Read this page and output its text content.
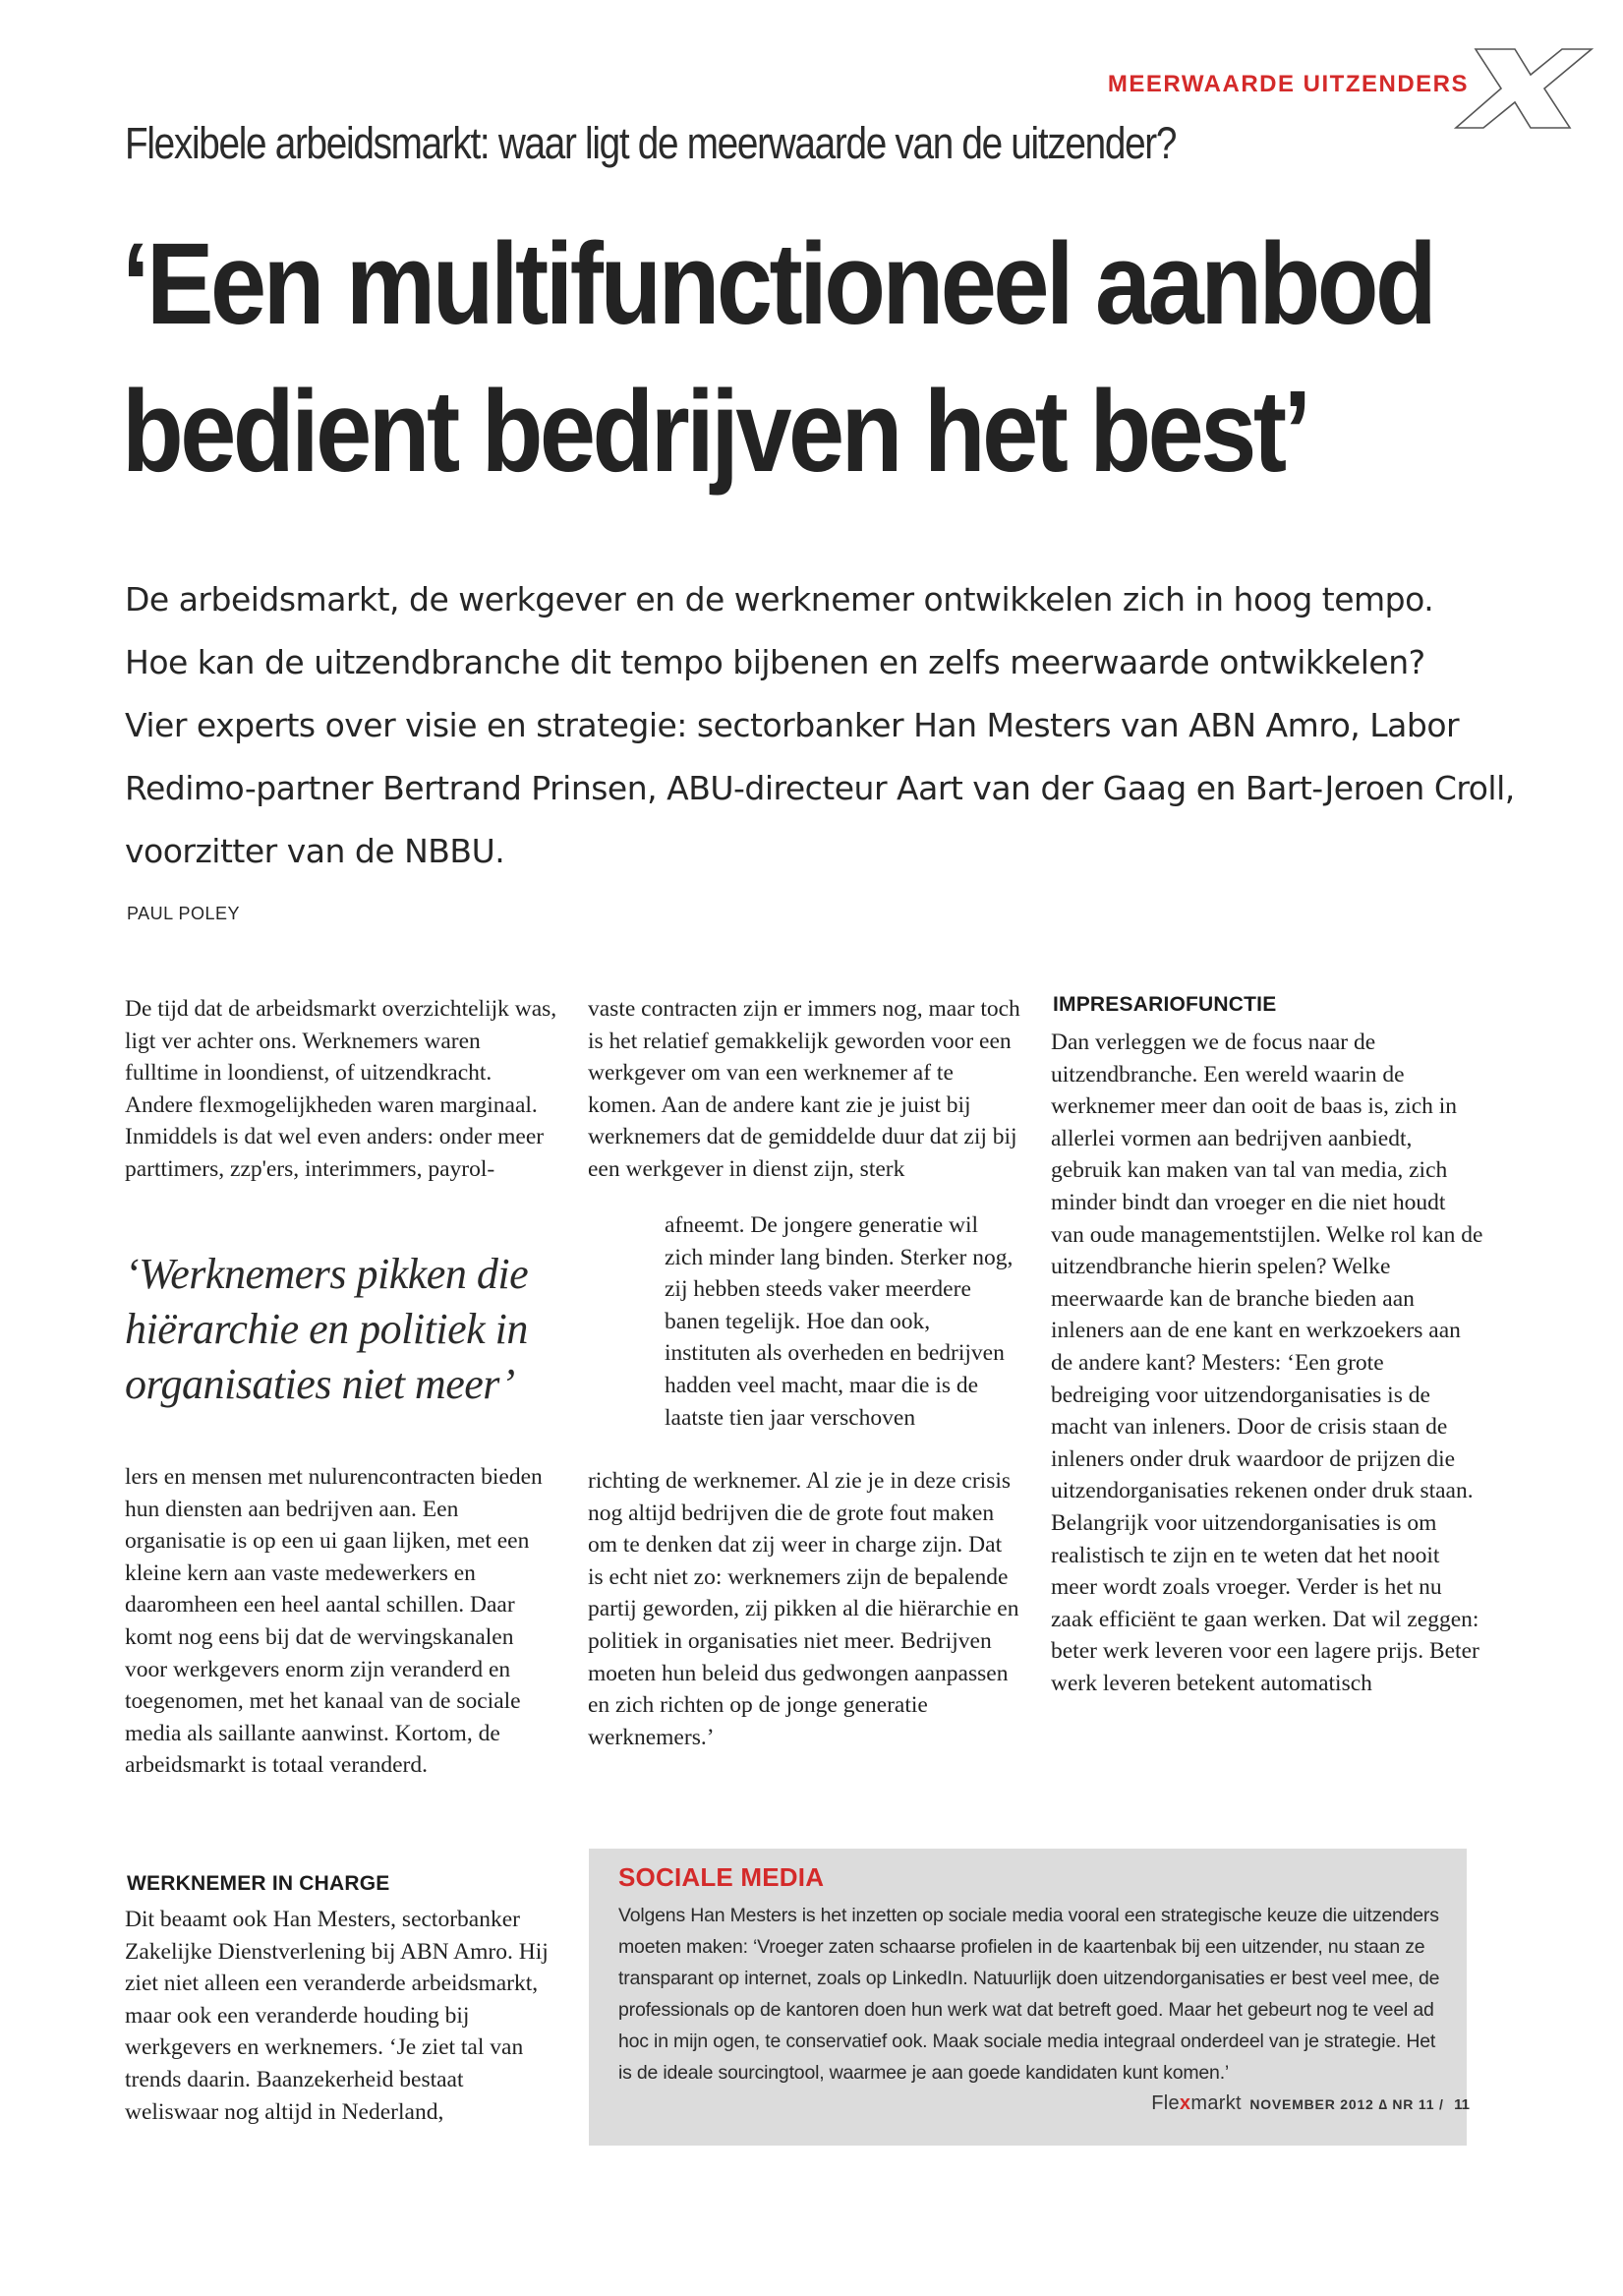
MEERWAARDE UITZENDERS
Flexibele arbeidsmarkt: waar ligt de meerwaarde van de uitzender?
‘Een multifunctioneel aanbod
bedient bedrijven het best’

De arbeidsmarkt, de werkgever en de werknemer ontwikkelen zich in hoog tempo.

Hoe kan de uitzendbranche dit tempo bijbenen en zelfs meerwaarde ontwikkelen?

Vier experts over visie en strategie: sectorbanker Han Mesters van ABN Amro, Labor Redimo-partner Bertrand Prinsen, ABU-directeur Aart van der Gaag en Bart-Jeroen Croll, voorzitter van de NBBU.

PAUL POLEY

De tijd dat de arbeidsmarkt overzichtelijk was, ligt ver achter ons. Werknemers waren fulltime in loondienst, of uitzendkracht. Andere flexmogelijkheden waren marginaal. Inmiddels is dat wel even anders: onder meer parttimers, zzp'ers, interimmers, payrol-

‘Werknemers pikken die hiërarchie en politiek in organisaties niet meer’

lers en mensen met nulurencontracten bieden hun diensten aan bedrijven aan. Een organisatie is op een ui gaan lijken, met een kleine kern aan vaste medewerkers en daaromheen een heel aantal schillen. Daar komt nog eens bij dat de wervingskanalen voor werkgevers enorm zijn veranderd en toegenomen, met het kanaal van de sociale media als saillante aanwinst. Kortom, de arbeidsmarkt is totaal veranderd.

WERKNEMER IN CHARGE

Dit beaamt ook Han Mesters, sectorbanker Zakelijke Dienstverlening bij ABN Amro. Hij ziet niet alleen een veranderde arbeidsmarkt, maar ook een veranderde houding bij werkgevers en werknemers. ‘Je ziet tal van trends daarin. Baanzekerheid bestaat weliswaar nog altijd in Nederland,

vaste contracten zijn er immers nog, maar toch is het relatief gemakkelijk geworden voor een werkgever om van een werknemer af te komen. Aan de andere kant zie je juist bij werknemers dat de gemiddelde duur dat zij bij een werkgever in dienst zijn, sterk

afneemt. De jongere generatie wil zich minder lang binden. Sterker nog, zij hebben steeds vaker meerdere banen tegelijk. Hoe dan ook, instituten als overheden en bedrijven hadden veel macht, maar die is de laatste tien jaar verschoven

richting de werknemer. Al zie je in deze crisis nog altijd bedrijven die de grote fout maken om te denken dat zij weer in charge zijn. Dat is echt niet zo: werknemers zijn de bepalende partij geworden, zij pikken al die hiërarchie en politiek in organisaties niet meer. Bedrijven moeten hun beleid dus gedwongen aanpassen en zich richten op de jonge generatie werknemers.’

IMPRESARIOFUNCTIE

Dan verleggen we de focus naar de uitzendbranche. Een wereld waarin de werknemer meer dan ooit de baas is, zich in allerlei vormen aan bedrijven aanbiedt, gebruik kan maken van tal van media, zich minder bindt dan vroeger en die niet houdt van oude managementstijlen. Welke rol kan de uitzendbranche hierin spelen? Welke meerwaarde kan de branche bieden aan inleners aan de ene kant en werkzoekers aan de andere kant? Mesters: ‘Een grote bedreiging voor uitzendorganisaties is de macht van inleners. Door de crisis staan de inleners onder druk waardoor de prijzen die uitzendorganisaties rekenen onder druk staan. Belangrijk voor uitzendorganisaties is om realistisch te zijn en te weten dat het nooit meer wordt zoals vroeger. Verder is het nu zaak efficiënt te gaan werken. Dat wil zeggen: beter werk leveren voor een lagere prijs. Beter werk leveren betekent automatisch

SOCIALE MEDIA
Volgens Han Mesters is het inzetten op sociale media vooral een strategische keuze die uitzenders moeten maken: ‘Vroeger zaten schaarse profielen in de kaartenbak bij een uitzender, nu staan ze transparant op internet, zoals op LinkedIn. Natuurlijk doen uitzendorganisaties er best veel mee, de professionals op de kantoren doen hun werk wat dat betreft goed. Maar het gebeurt nog te veel ad hoc in mijn ogen, te conservatief ook. Maak sociale media integraal onderdeel van je strategie. Het is de ideale sourcingtool, waarmee je aan goede kandidaten kunt komen.’
Flexmarkt NOVEMBER 2012 ∆ NR 11 / 11
